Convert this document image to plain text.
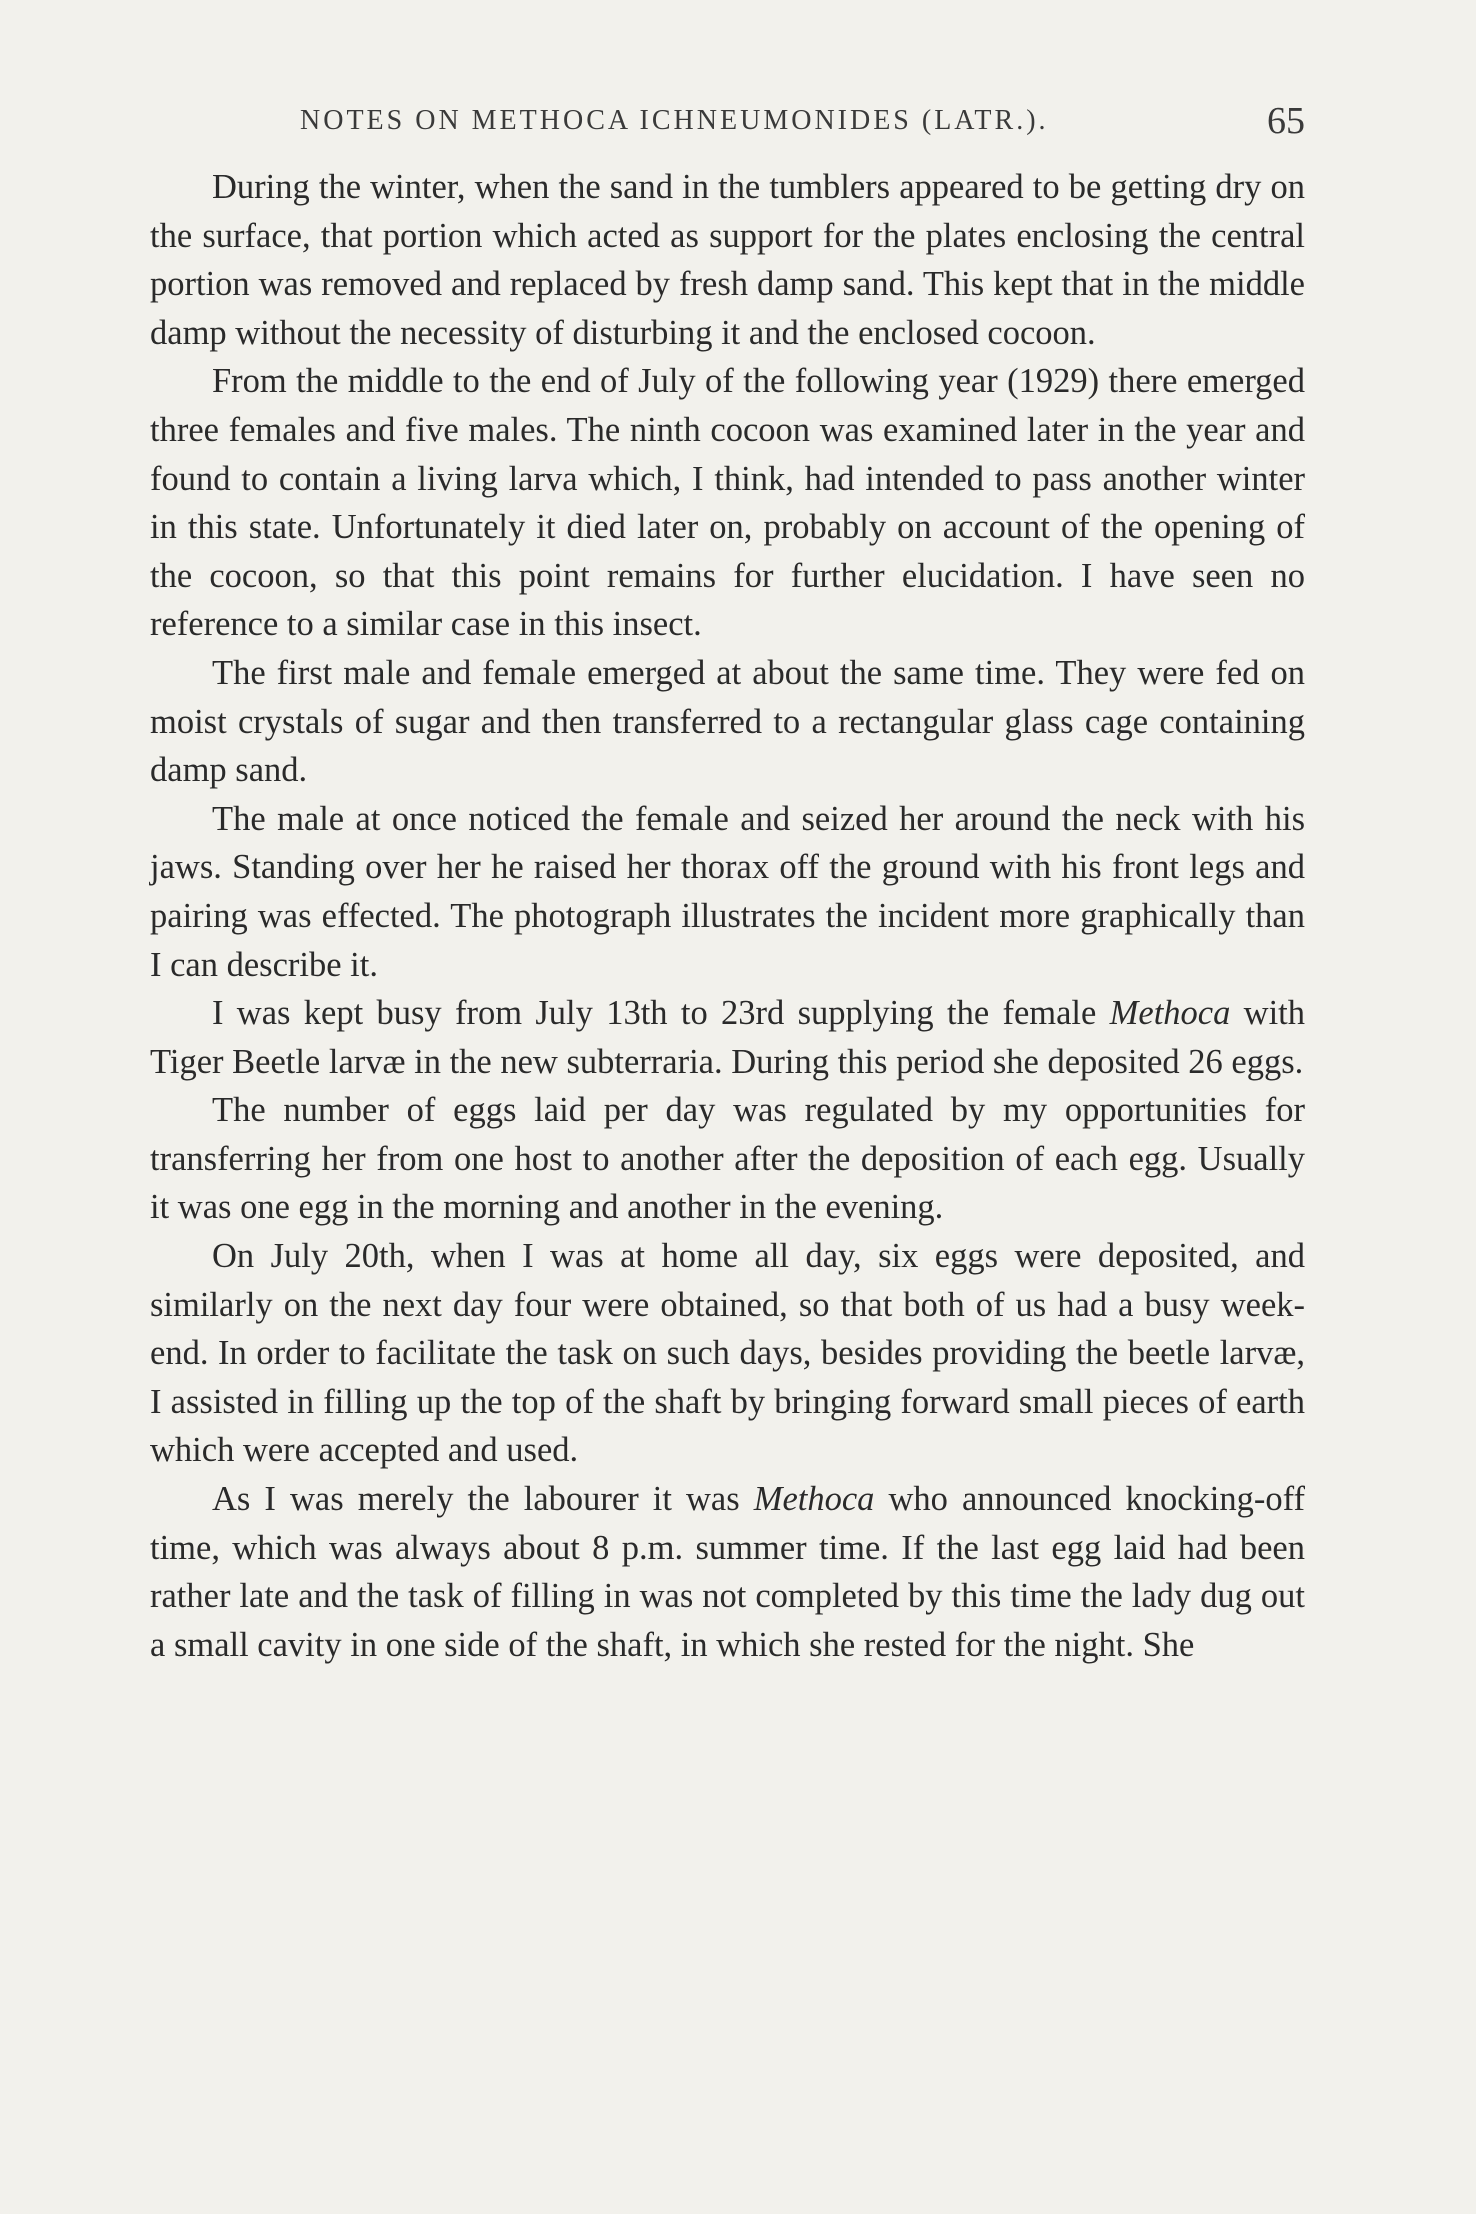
NOTES ON METHOCA ICHNEUMONIDES (LATR.).	65

During the winter, when the sand in the tumblers appeared to be getting dry on the surface, that portion which acted as support for the plates enclosing the central portion was removed and replaced by fresh damp sand. This kept that in the middle damp without the necessity of disturbing it and the enclosed cocoon.

From the middle to the end of July of the following year (1929) there emerged three females and five males. The ninth cocoon was examined later in the year and found to contain a living larva which, I think, had intended to pass another winter in this state. Unfortunately it died later on, probably on account of the opening of the cocoon, so that this point remains for further elucidation. I have seen no reference to a similar case in this insect.

The first male and female emerged at about the same time. They were fed on moist crystals of sugar and then transferred to a rectangular glass cage containing damp sand.

The male at once noticed the female and seized her around the neck with his jaws. Standing over her he raised her thorax off the ground with his front legs and pairing was effected. The photograph illustrates the incident more graphically than I can describe it.

I was kept busy from July 13th to 23rd supplying the female Methoca with Tiger Beetle larvæ in the new subterraria. During this period she deposited 26 eggs.

The number of eggs laid per day was regulated by my opportunities for transferring her from one host to another after the deposition of each egg. Usually it was one egg in the morning and another in the evening.

On July 20th, when I was at home all day, six eggs were deposited, and similarly on the next day four were obtained, so that both of us had a busy week-end. In order to facilitate the task on such days, besides providing the beetle larvæ, I assisted in filling up the top of the shaft by bringing forward small pieces of earth which were accepted and used.

As I was merely the labourer it was Methoca who announced knocking-off time, which was always about 8 p.m. summer time. If the last egg laid had been rather late and the task of filling in was not completed by this time the lady dug out a small cavity in one side of the shaft, in which she rested for the night. She
